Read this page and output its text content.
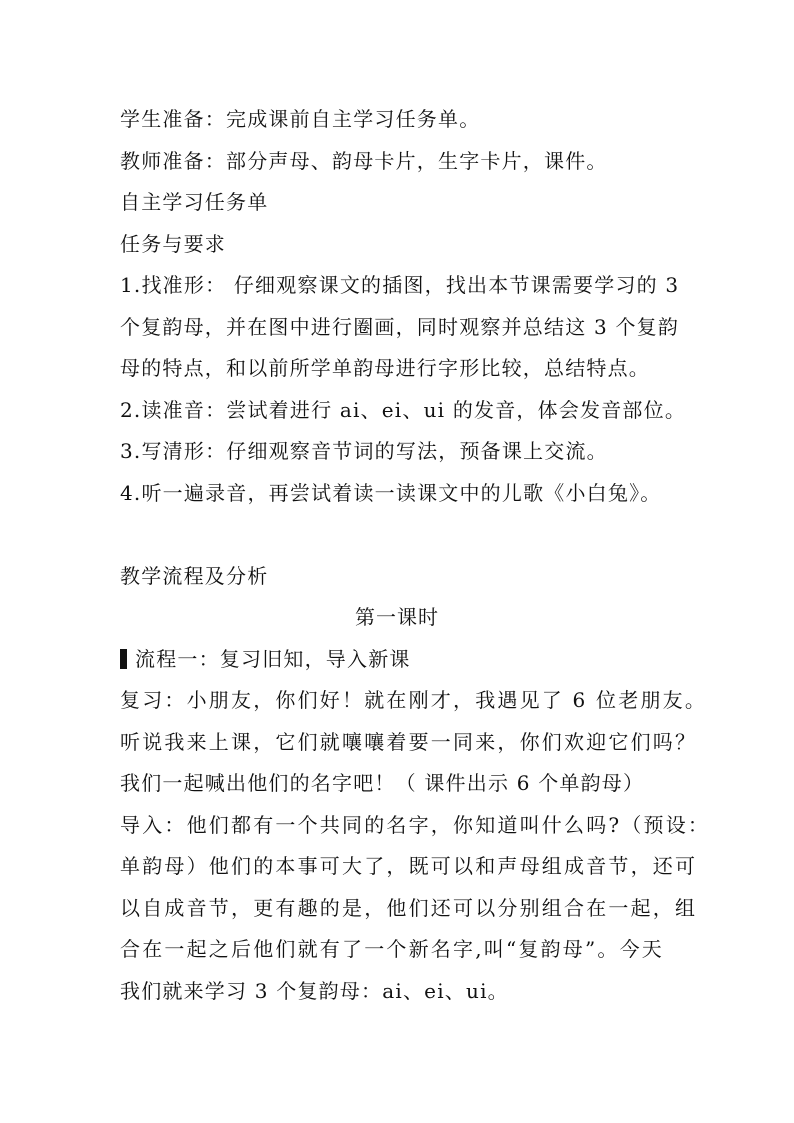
学生准备：完成课前自主学习任务单。
教师准备：部分声母、韵母卡片，生字卡片，课件。
自主学习任务单
任务与要求
1.找准形： 仔细观察课文的插图，找出本节课需要学习的 3
个复韵母，并在图中进行圈画，同时观察并总结这 3 个复韵
母的特点，和以前所学单韵母进行字形比较，总结特点。
2.读准音：尝试着进行 ai、ei、ui 的发音，体会发音部位。
3.写清形：仔细观察音节词的写法，预备课上交流。
4.听一遍录音，再尝试着读一读课文中的儿歌《小白兔》。
教学流程及分析
第一课时
流程一：复习旧知，导入新课
复习：小朋友，你们好！就在刚才，我遇见了 6 位老朋友。
听说我来上课，它们就嚷嚷着要一同来，你们欢迎它们吗？
我们一起喊出他们的名字吧！（ 课件出示 6 个单韵母）
导入：他们都有一个共同的名字，你知道叫什么吗?（预设：
单韵母）他们的本事可大了，既可以和声母组成音节，还可
以自成音节，更有趣的是，他们还可以分别组合在一起，组
合在一起之后他们就有了一个新名字,叫“复韵母”。今天
我们就来学习 3 个复韵母：ai、ei、ui。
